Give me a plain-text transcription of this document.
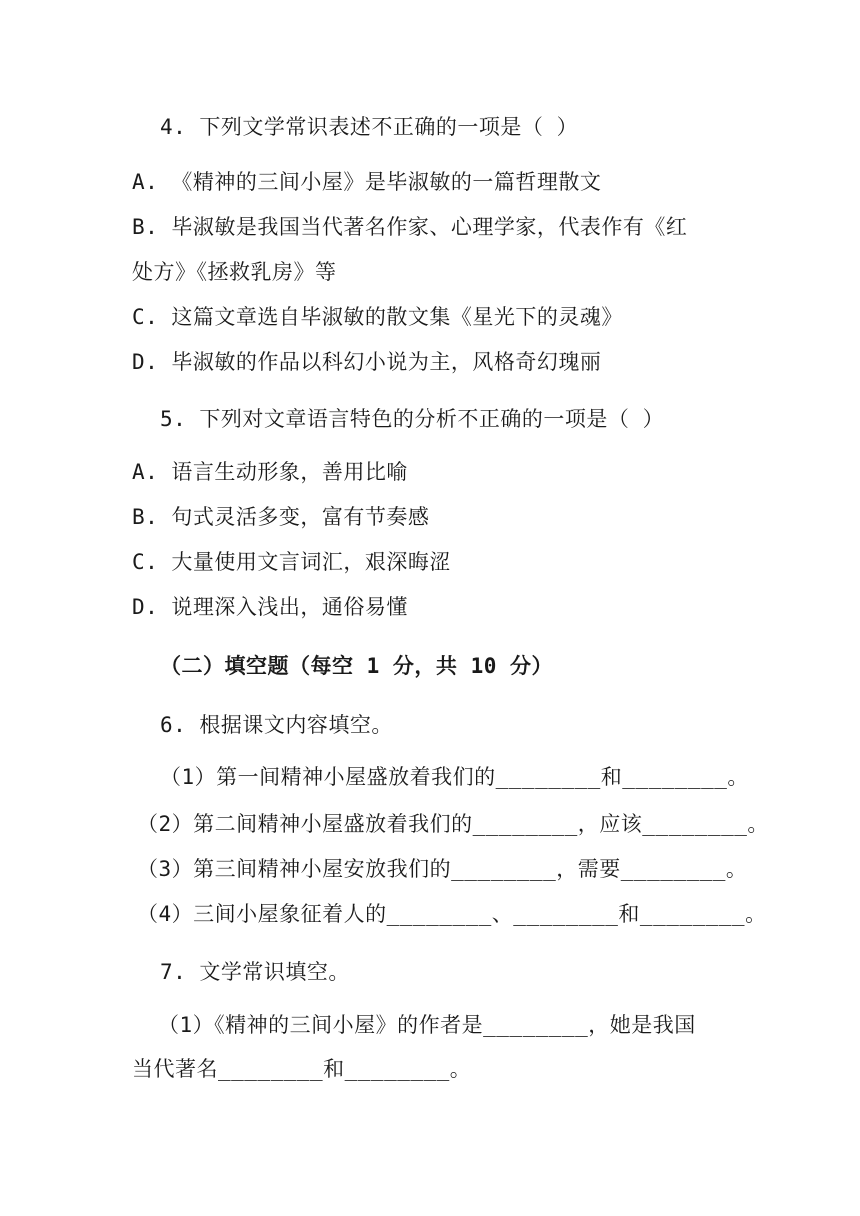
4. 下列文学常识表述不正确的一项是（ ）
A. 《精神的三间小屋》是毕淑敏的一篇哲理散文
B. 毕淑敏是我国当代著名作家、心理学家，代表作有《红
处方》《拯救乳房》等
C. 这篇文章选自毕淑敏的散文集《星光下的灵魂》
D. 毕淑敏的作品以科幻小说为主，风格奇幻瑰丽
5. 下列对文章语言特色的分析不正确的一项是（ ）
A. 语言生动形象，善用比喻
B. 句式灵活多变，富有节奏感
C. 大量使用文言词汇，艰深晦涩
D. 说理深入浅出，通俗易懂
（二）填空题（每空 1 分，共 10 分）
6. 根据课文内容填空。
（1）第一间精神小屋盛放着我们的________和________。
（2）第二间精神小屋盛放着我们的________，应该________。
（3）第三间精神小屋安放我们的________，需要________。
（4）三间小屋象征着人的________、________和________。
7. 文学常识填空。
（1）《精神的三间小屋》的作者是________，她是我国
当代著名________和________。
